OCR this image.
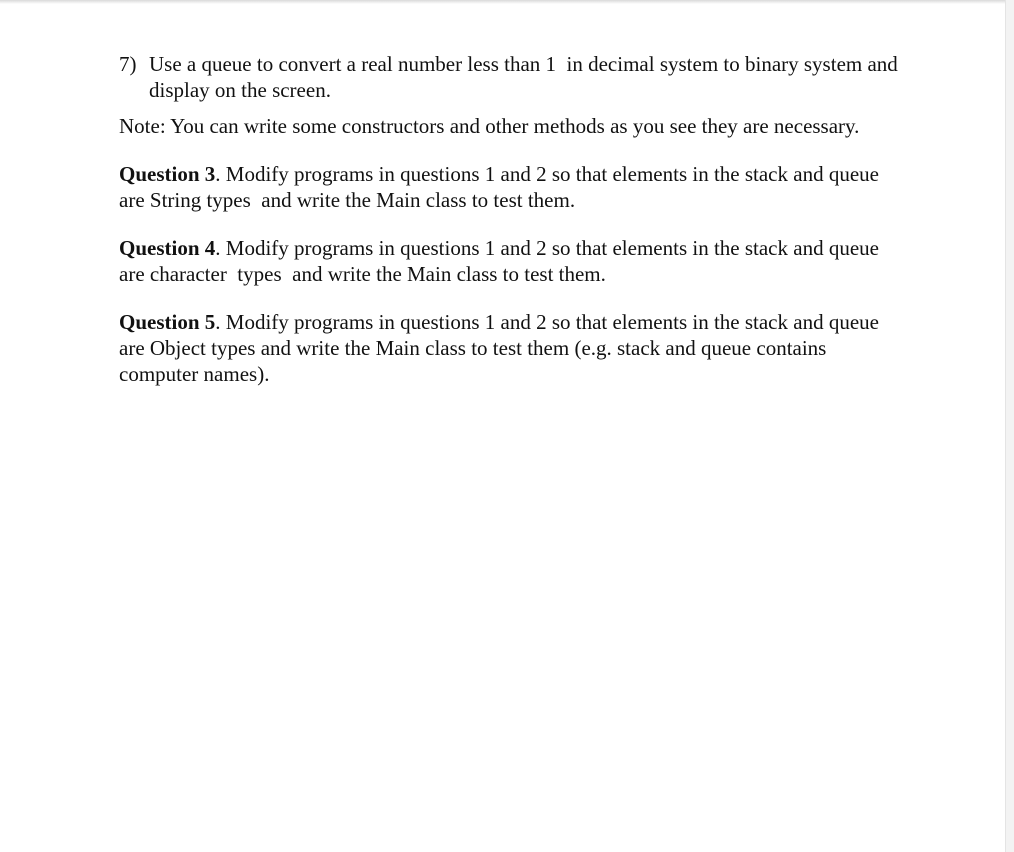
7) Use a queue to convert a real number less than 1  in decimal system to binary system and display on the screen.

Note: You can write some constructors and other methods as you see they are necessary.

Question 3. Modify programs in questions 1 and 2 so that elements in the stack and queue are String types  and write the Main class to test them.

Question 4. Modify programs in questions 1 and 2 so that elements in the stack and queue are character  types  and write the Main class to test them.

Question 5. Modify programs in questions 1 and 2 so that elements in the stack and queue are Object types and write the Main class to test them (e.g. stack and queue contains computer names).
